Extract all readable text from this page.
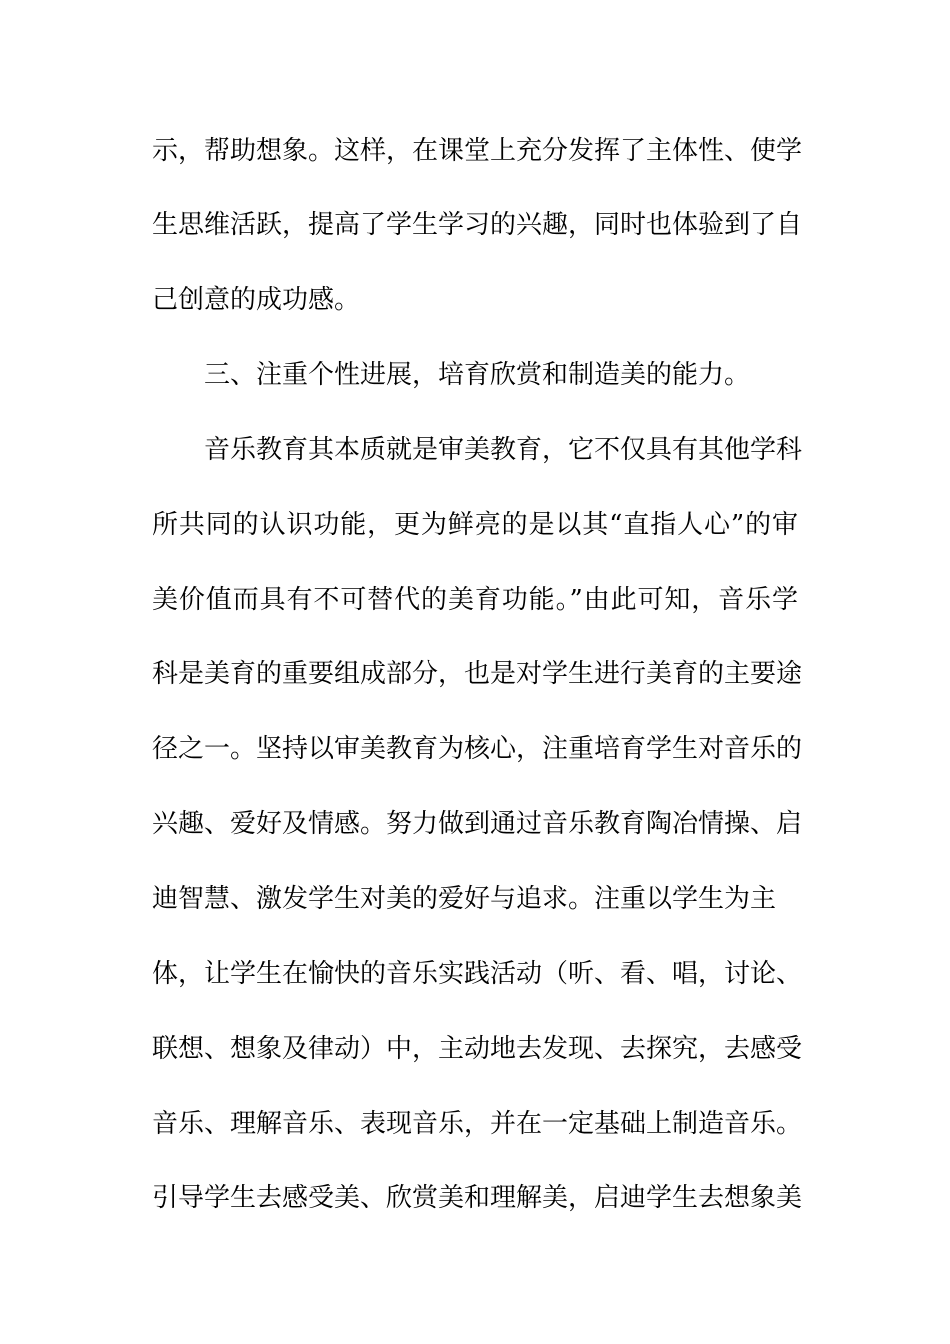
示，帮助想象。这样，在课堂上充分发挥了主体性、使学
生思维活跃，提高了学生学习的兴趣，同时也体验到了自
己创意的成功感。
三、注重个性进展，培育欣赏和制造美的能力。
音乐教育其本质就是审美教育，它不仅具有其他学科
所共同的认识功能，更为鲜亮的是以其“直指人心”的审
美价值而具有不可替代的美育功能。”由此可知，音乐学
科是美育的重要组成部分，也是对学生进行美育的主要途
径之一。坚持以审美教育为核心，注重培育学生对音乐的
兴趣、爱好及情感。努力做到通过音乐教育陶冶情操、启
迪智慧、激发学生对美的爱好与追求。注重以学生为主
体，让学生在愉快的音乐实践活动（听、看、唱，讨论、
联想、想象及律动）中，主动地去发现、去探究，去感受
音乐、理解音乐、表现音乐，并在一定基础上制造音乐。
引导学生去感受美、欣赏美和理解美，启迪学生去想象美
